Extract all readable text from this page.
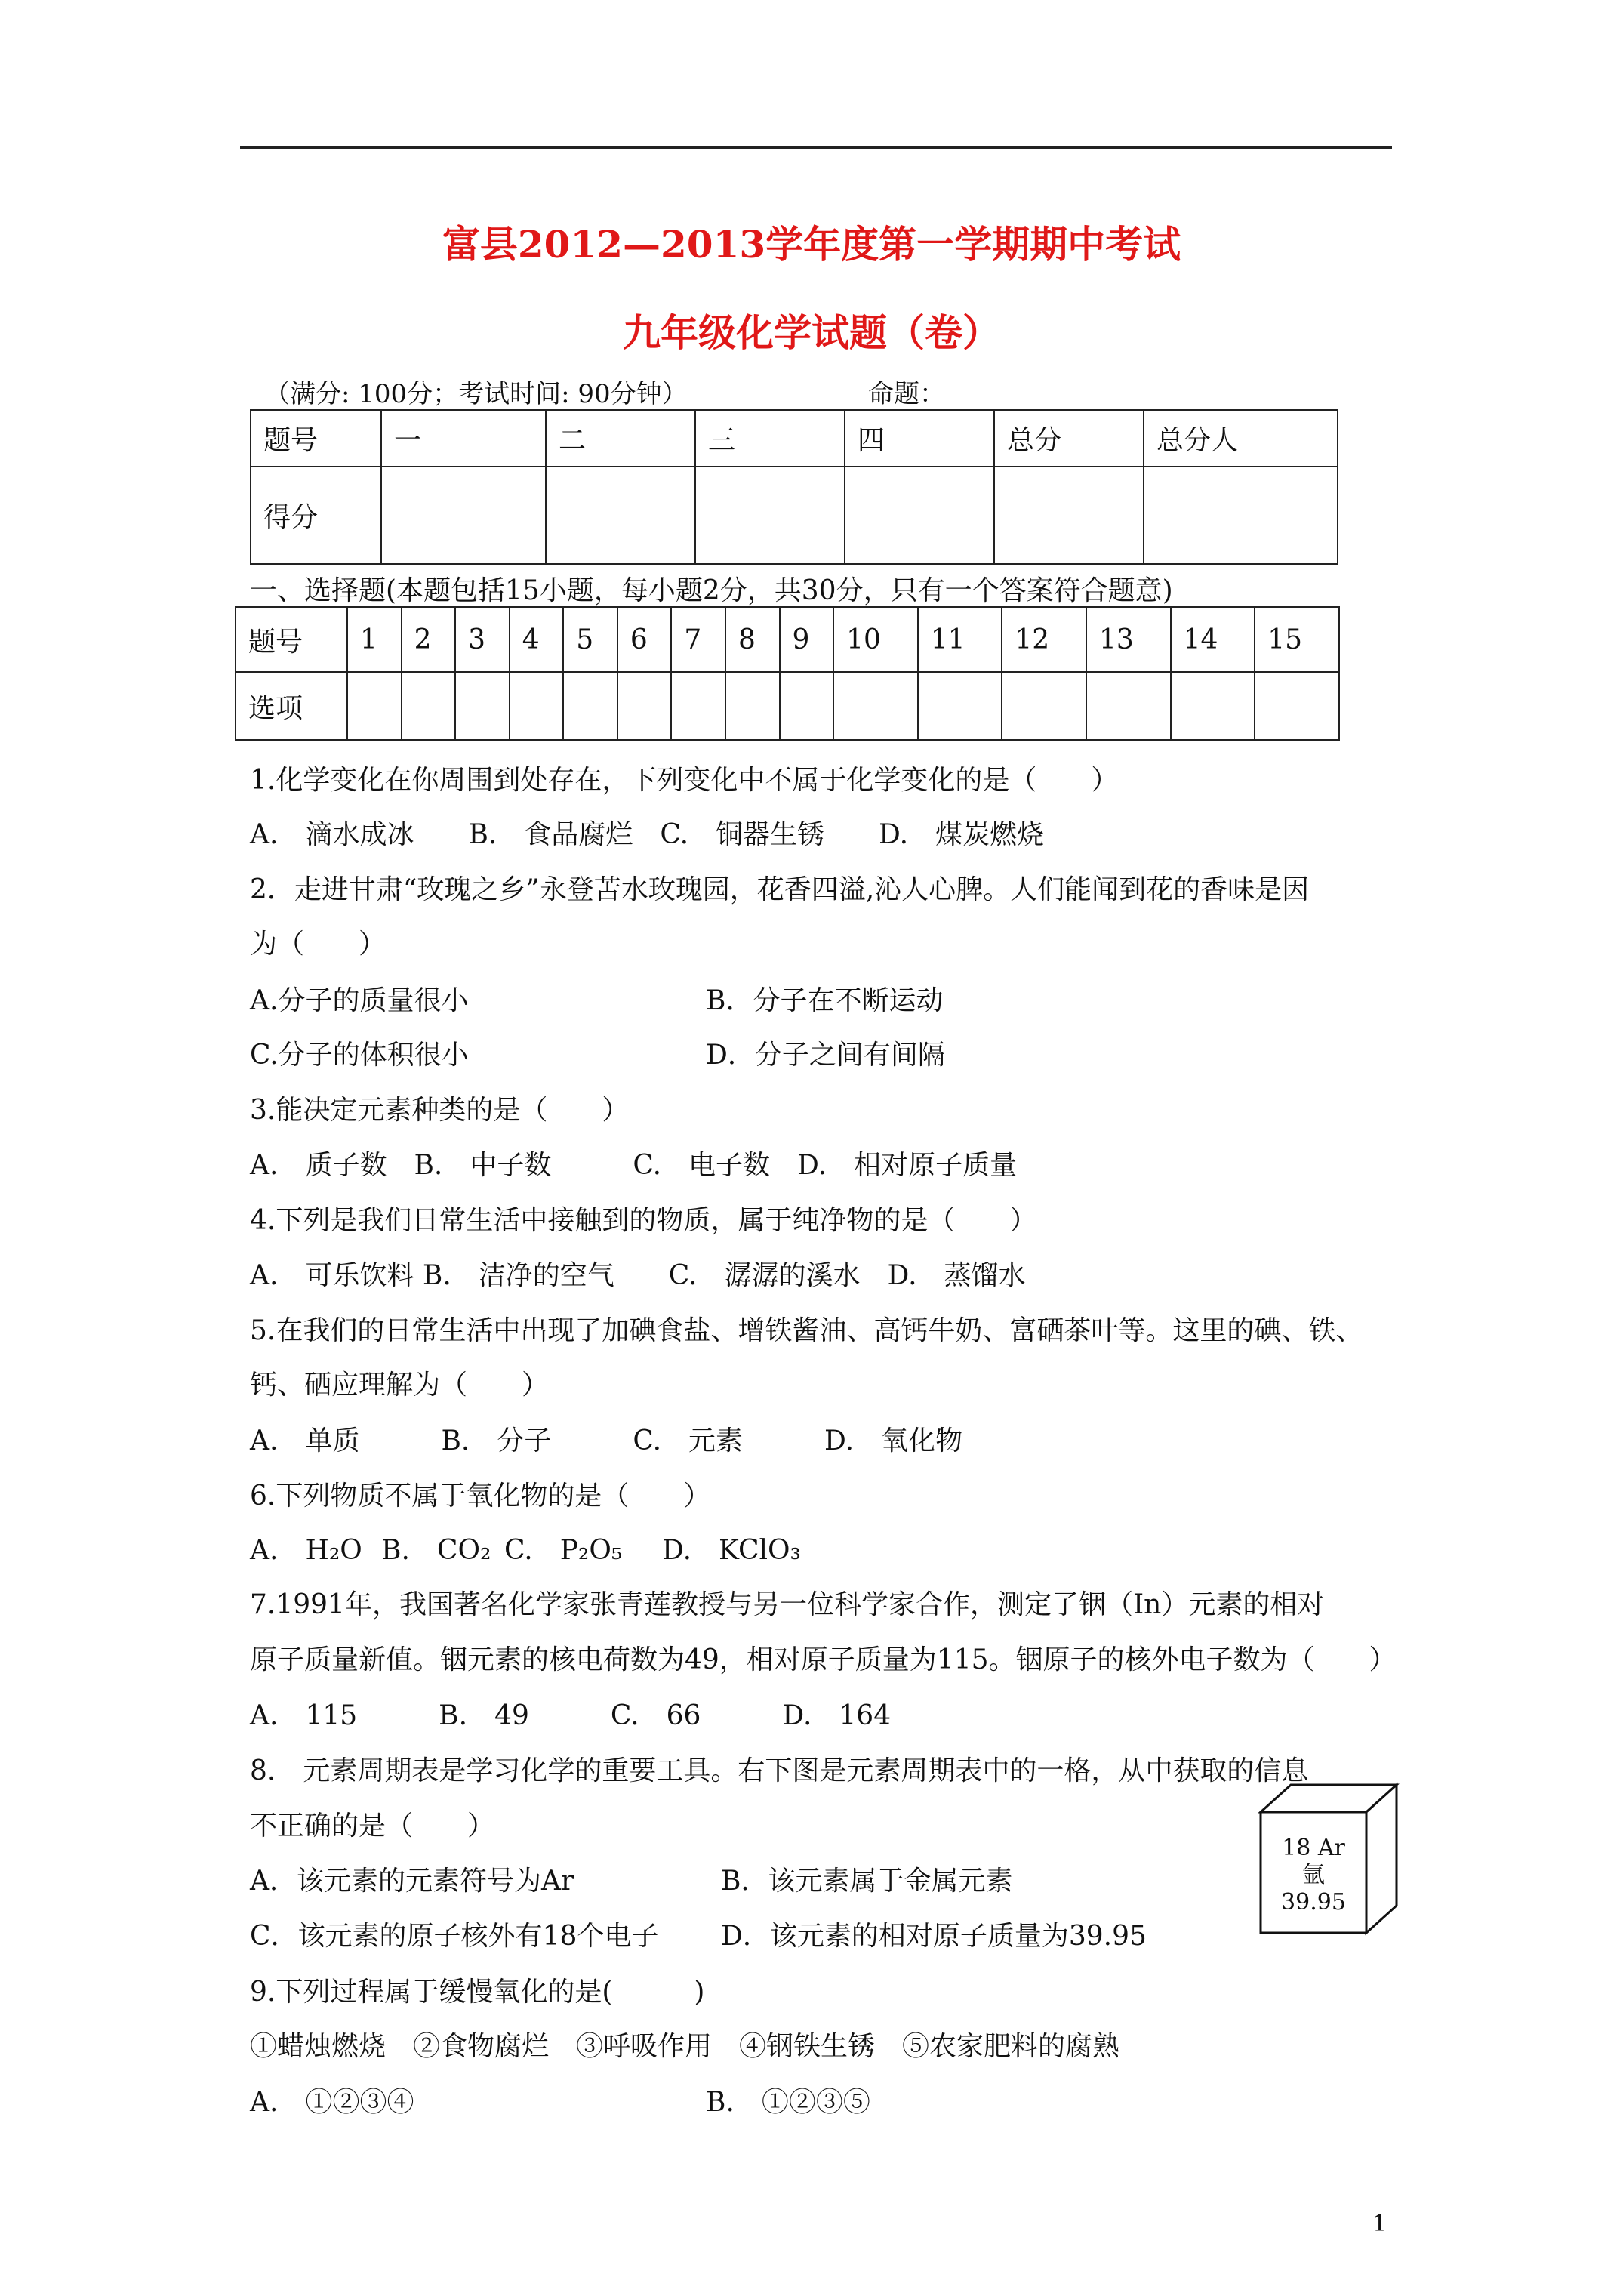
富县2012—2013学年度第一学期期中考试
九年级化学试题（卷）
（满分: 100分；考试时间: 90分钟）	命题：
题号	一	二	三	四	总分	总分人
得分						
一、选择题(本题包括15小题，每小题2分，共30分，只有一个答案符合题意)
题号	1	2	3	4	5	6	7	8	9	10	11	12	13	14	15
选项															
1.化学变化在你周围到处存在，下列变化中不属于化学变化的是（　　）
A.　滴水成冰　　B.　食品腐烂　C.　铜器生锈　　D.　煤炭燃烧
2．走进甘肃“玫瑰之乡”永登苦水玫瑰园，花香四溢,沁人心脾。人们能闻到花的香味是因
为（　　）
A.分子的质量很小	B．分子在不断运动
C.分子的体积很小	D．分子之间有间隔
3.能决定元素种类的是（　　）
A.　质子数　B.　中子数　　　C.　电子数　D.　相对原子质量
4.下列是我们日常生活中接触到的物质，属于纯净物的是（　　）
A.　可乐饮料 B.　洁净的空气　　C.　潺潺的溪水　D.　蒸馏水
5.在我们的日常生活中出现了加碘食盐、增铁酱油、高钙牛奶、富硒茶叶等。这里的碘、铁、
钙、硒应理解为（　　）
A.　单质　　　B.　分子　　　C.　元素　　　D.　氧化物
6.下列物质不属于氧化物的是（　　）
A.　H₂O B.　CO₂ C.　P₂O₅ D.　KClO₃
7.1991年，我国著名化学家张青莲教授与另一位科学家合作，测定了铟（In）元素的相对
原子质量新值。铟元素的核电荷数为49，相对原子质量为115。铟原子的核外电子数为（　　）
A.　115　　　B.　49　　　C.　66　　　D.　164
8.　元素周期表是学习化学的重要工具。右下图是元素周期表中的一格，从中获取的信息
不正确的是（　　）
A．该元素的元素符号为Ar	B．该元素属于金属元素
C．该元素的原子核外有18个电子 D．该元素的相对原子质量为39.95
18 Ar
氩
39.95
9.下列过程属于缓慢氧化的是(　　　)
①蜡烛燃烧　②食物腐烂　③呼吸作用　④钢铁生锈　⑤农家肥料的腐熟
A.　①②③④	B.　①②③⑤
1
